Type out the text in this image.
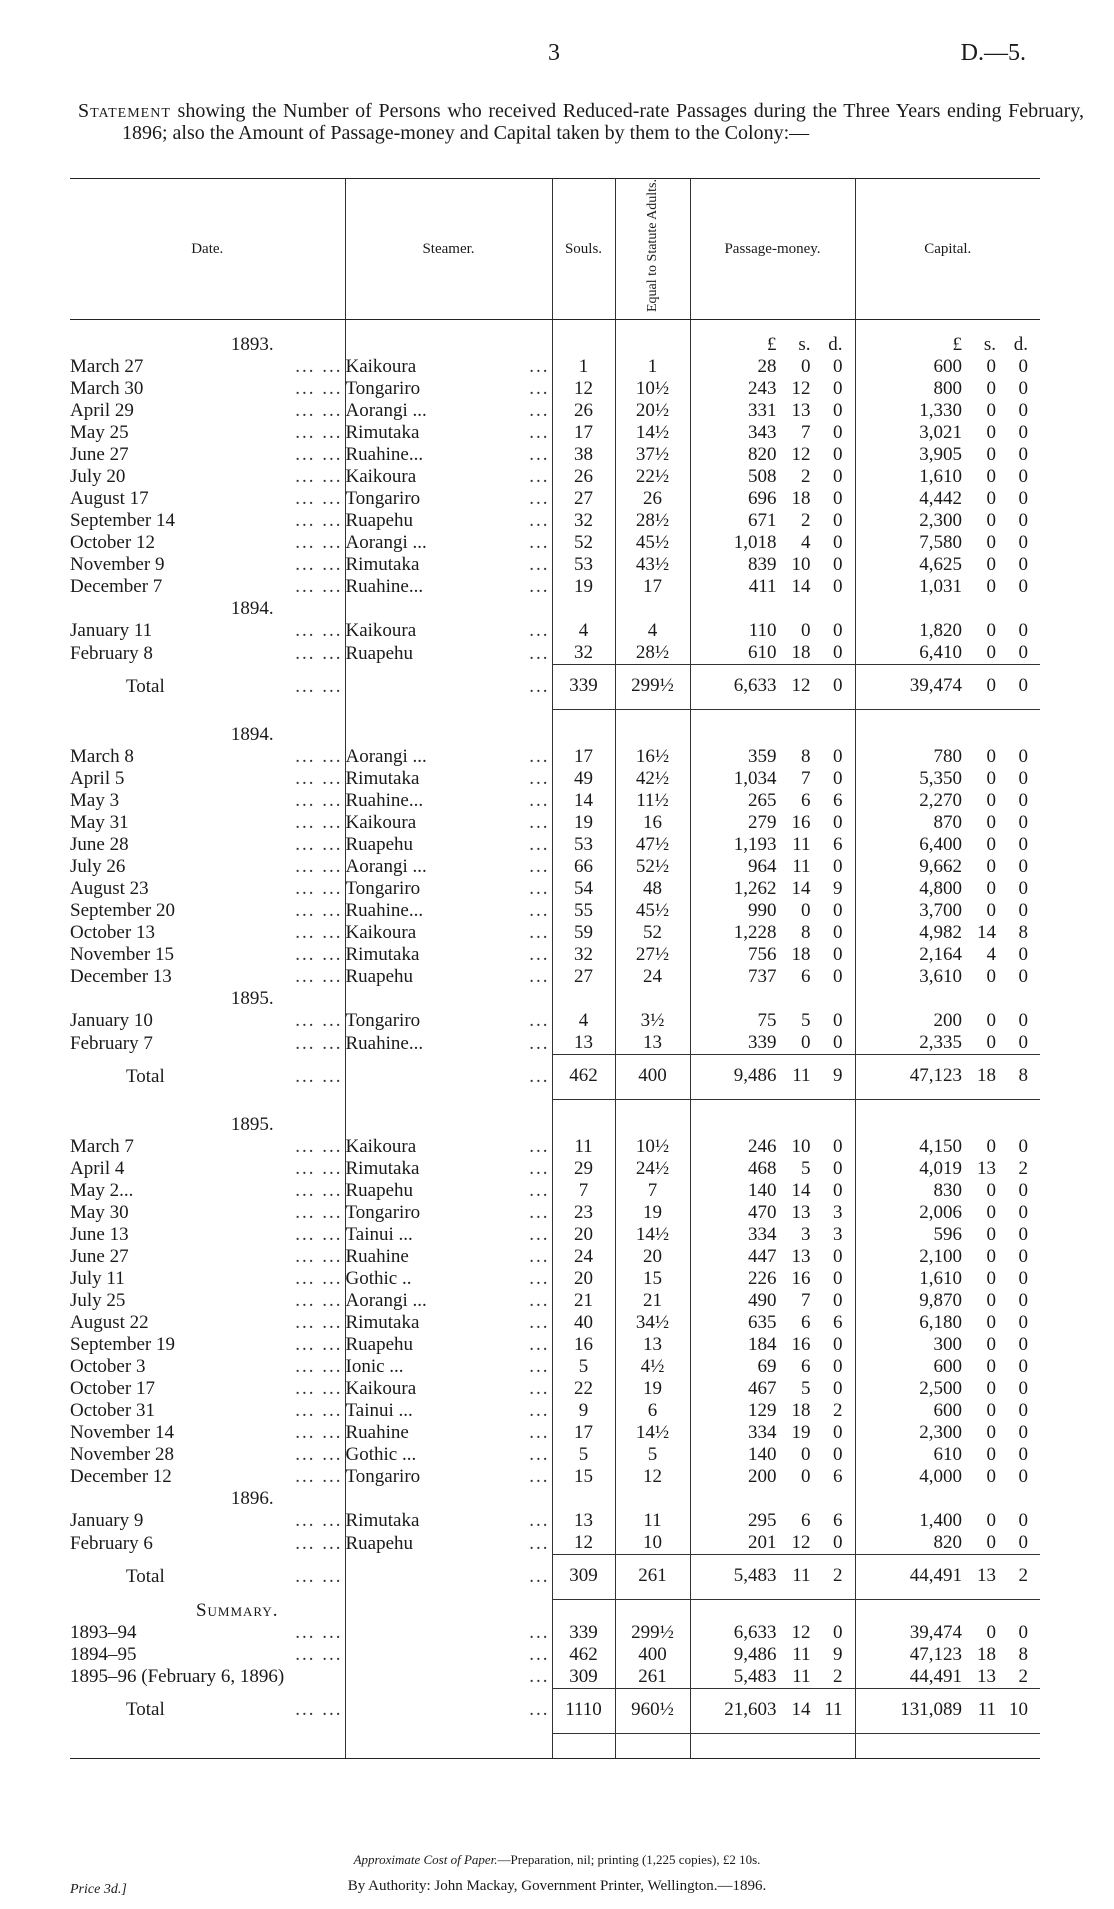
3	D.—5.
Statement showing the Number of Persons who received Reduced-rate Passages during the Three Years ending February, 1896; also the Amount of Passage-money and Capital taken by them to the Colony:—
Date.	Steamer.	Souls.	Equal to Statute Adults.	Passage-money.	Capital.

1893.				£ s. d.	£ s. d.

March 27 ... ...	Kaikoura ...	1	1	28 0 0	600 0 0

March 30 ... ...	Tongariro ...	12	10½	243 12 0	800 0 0

April 29 ... ...	Aorangi ... ...	26	20½	331 13 0	1,330 0 0

May 25 ... ...	Rimutaka ...	17	14½	343 7 0	3,021 0 0

June 27 ... ...	Ruahine... ...	38	37½	820 12 0	3,905 0 0

July 20 ... ...	Kaikoura ...	26	22½	508 2 0	1,610 0 0

August 17 ... ...	Tongariro ...	27	26	696 18 0	4,442 0 0

September 14 ... ...	Ruapehu ...	32	28½	671 2 0	2,300 0 0

October 12 ... ...	Aorangi ... ...	52	45½	1,018 4 0	7,580 0 0

November 9 ... ...	Rimutaka ...	53	43½	839 10 0	4,625 0 0

December 7 ... ...	Ruahine... ...	19	17	411 14 0	1,031 0 0

1894.					

January 11 ... ...	Kaikoura ...	4	4	110 0 0	1,820 0 0

February 8 ... ...	Ruapehu ...	32	28½	610 18 0	6,410 0 0

Total ... ...	...	339	299½	6,633 12 0	39,474 0 0

1894.					

March 8 ... ...	Aorangi ... ...	17	16½	359 8 0	780 0 0

April 5 ... ...	Rimutaka ...	49	42½	1,034 7 0	5,350 0 0

May 3 ... ...	Ruahine... ...	14	11½	265 6 6	2,270 0 0

May 31 ... ...	Kaikoura ...	19	16	279 16 0	870 0 0

June 28 ... ...	Ruapehu ...	53	47½	1,193 11 6	6,400 0 0

July 26 ... ...	Aorangi ... ...	66	52½	964 11 0	9,662 0 0

August 23 ... ...	Tongariro ...	54	48	1,262 14 9	4,800 0 0

September 20 ... ...	Ruahine... ...	55	45½	990 0 0	3,700 0 0

October 13 ... ...	Kaikoura ...	59	52	1,228 8 0	4,982 14 8

November 15 ... ...	Rimutaka ...	32	27½	756 18 0	2,164 4 0

December 13 ... ...	Ruapehu ...	27	24	737 6 0	3,610 0 0

1895.					

January 10 ... ...	Tongariro ...	4	3½	75 5 0	200 0 0

February 7 ... ...	Ruahine... ...	13	13	339 0 0	2,335 0 0

Total ... ...	...	462	400	9,486 11 9	47,123 18 8

1895.					

March 7 ... ...	Kaikoura ...	11	10½	246 10 0	4,150 0 0

April 4 ... ...	Rimutaka ...	29	24½	468 5 0	4,019 13 2

May 2... ... ...	Ruapehu ...	7	7	140 14 0	830 0 0

May 30 ... ...	Tongariro ...	23	19	470 13 3	2,006 0 0

June 13 ... ...	Tainui ... ...	20	14½	334 3 3	596 0 0

June 27 ... ...	Ruahine ...	24	20	447 13 0	2,100 0 0

July 11 ... ...	Gothic .. ...	20	15	226 16 0	1,610 0 0

July 25 ... ...	Aorangi ... ...	21	21	490 7 0	9,870 0 0

August 22 ... ...	Rimutaka ...	40	34½	635 6 6	6,180 0 0

September 19 ... ...	Ruapehu ...	16	13	184 16 0	300 0 0

October 3 ... ...	Ionic ... ...	5	4½	69 6 0	600 0 0

October 17 ... ...	Kaikoura ...	22	19	467 5 0	2,500 0 0

October 31 ... ...	Tainui ... ...	9	6	129 18 2	600 0 0

November 14 ... ...	Ruahine ...	17	14½	334 19 0	2,300 0 0

November 28 ... ...	Gothic ... ...	5	5	140 0 0	610 0 0

December 12 ... ...	Tongariro ...	15	12	200 0 6	4,000 0 0

1896.					

January 9 ... ...	Rimutaka ...	13	11	295 6 6	1,400 0 0

February 6 ... ...	Ruapehu ...	12	10	201 12 0	820 0 0

Total ... ...	...	309	261	5,483 11 2	44,491 13 2

Summary.					

1893–94 ... ...	...	339	299½	6,633 12 0	39,474 0 0

1894–95 ... ...	...	462	400	9,486 11 9	47,123 18 8

1895–96 (February 6, 1896)	...	309	261	5,483 11 2	44,491 13 2

Total ... ...	...	1110	960½	21,603 14 11	131,089 11 10

Approximate Cost of Paper.—Preparation, nil; printing (1,225 copies), £2 10s.
Price 3d.]	By Authority: John Mackay, Government Printer, Wellington.—1896.
